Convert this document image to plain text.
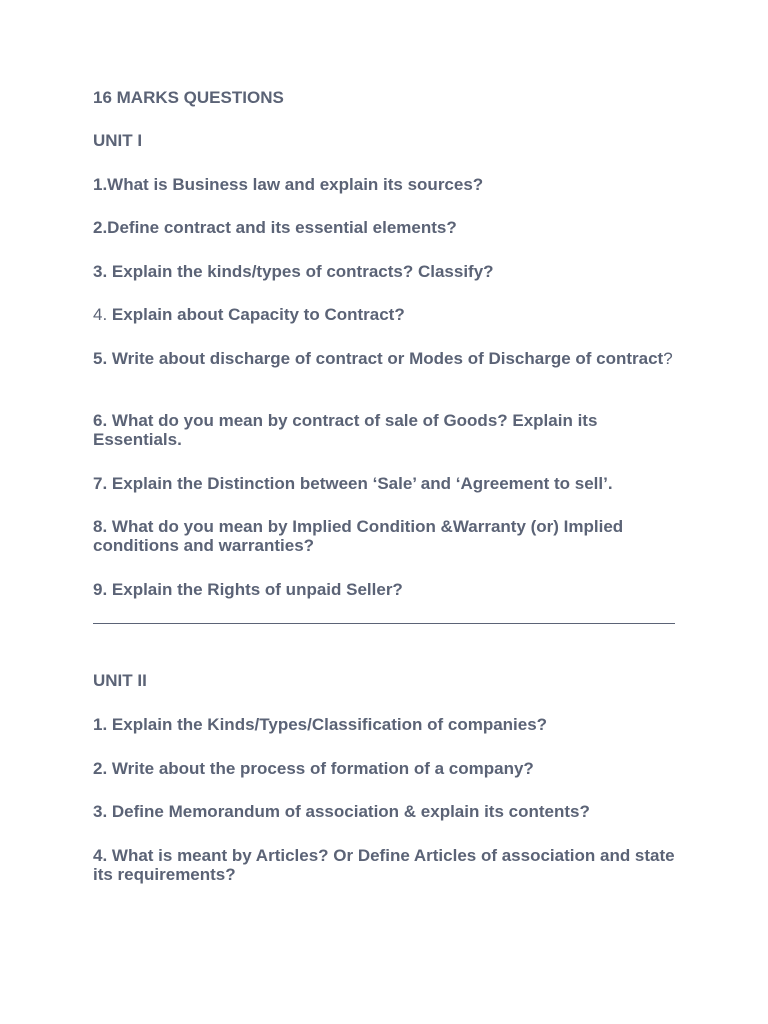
16 MARKS QUESTIONS

UNIT I

1.What is Business law and explain its sources?

2.Define contract and its essential elements?

3. Explain the kinds/types of contracts? Classify?

4. Explain about Capacity to Contract?

5. Write about discharge of contract or Modes of Discharge of contract?

6. What do you mean by contract of sale of Goods? Explain its Essentials.

7. Explain the Distinction between ‘Sale’ and ‘Agreement to sell’.

8. What do you mean by Implied Condition &Warranty (or) Implied conditions and warranties?

9. Explain the Rights of unpaid Seller?

UNIT II

1. Explain the Kinds/Types/Classification of companies?

2. Write about the process of formation of a company?

3. Define Memorandum of association & explain its contents?

4. What is meant by Articles? Or Define Articles of association and state its requirements?
